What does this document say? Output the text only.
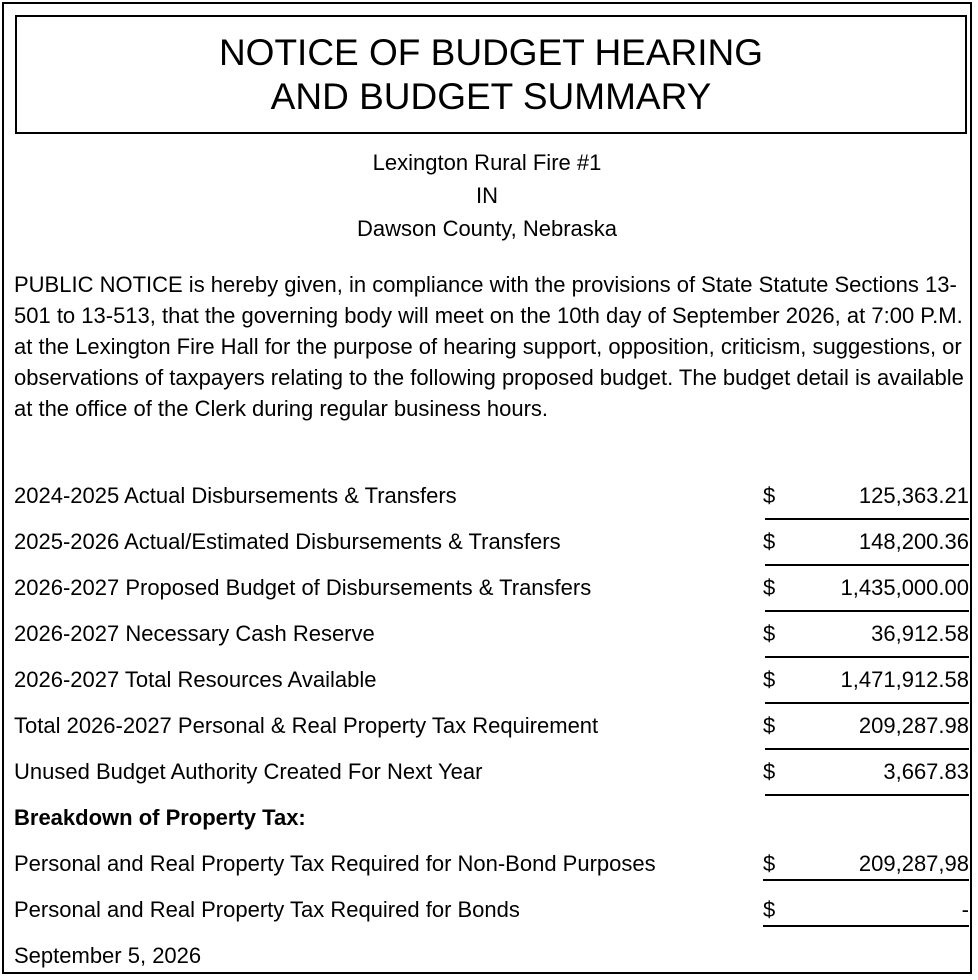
NOTICE OF BUDGET HEARING
AND BUDGET SUMMARY
Lexington Rural Fire #1
IN
Dawson County, Nebraska
PUBLIC NOTICE is hereby given, in compliance with the provisions of State Statute Sections 13-501 to 13-513, that the governing body will meet on the 10th day of September 2026, at 7:00 P.M. at the Lexington Fire Hall for the purpose of hearing support, opposition, criticism, suggestions, or observations of taxpayers relating to the following proposed budget. The budget detail is available at the office of the Clerk during regular business hours.
2024-2025 Actual Disbursements & Transfers	$	125,363.21
2025-2026 Actual/Estimated Disbursements & Transfers	$	148,200.36
2026-2027 Proposed Budget of Disbursements & Transfers	$	1,435,000.00
2026-2027 Necessary Cash Reserve	$	36,912.58
2026-2027 Total Resources Available	$	1,471,912.58
Total 2026-2027 Personal & Real Property Tax Requirement	$	209,287.98
Unused Budget Authority Created For Next Year	$	3,667.83
Breakdown of Property Tax:
Personal and Real Property Tax Required for Non-Bond Purposes	$	209,287,98
Personal and Real Property Tax Required for Bonds	$	-
September 5, 2026
